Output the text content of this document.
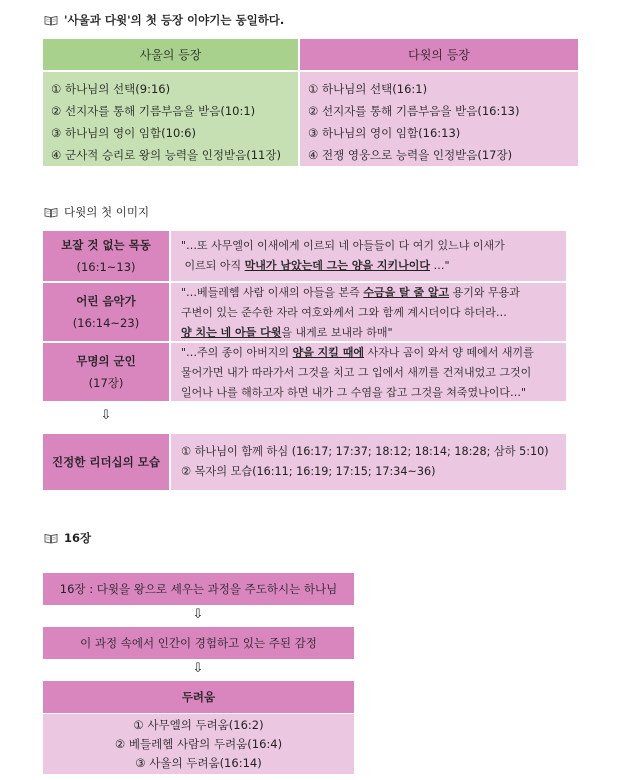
'사울과 다윗'의 첫 등장 이야기는 동일하다.
사울의 등장	다윗의 등장
① 하나님의 선택(9:16)
② 선지자를 통해 기름부음을 받음(10:1)
③ 하나님의 영이 임함(10:6)
④ 군사적 승리로 왕의 능력을 인정받음(11장)
① 하나님의 선택(16:1)
② 선지자를 통해 기름부음을 받음(16:13)
③ 하나님의 영이 임함(16:13)
④ 전쟁 영웅으로 능력을 인정받음(17장)
다윗의 첫 이미지
보잘 것 없는 목동
(16:1~13)
"…또 사무엘이 이새에게 이르되 네 아들들이 다 여기 있느냐 이새가
이르되 아직 막내가 남았는데 그는 양을 지키나이다 …"
어린 음악가
(16:14~23)
"…베들레헴 사람 이새의 아들을 본즉 수금을 탈 줄 알고 용기와 무용과
구변이 있는 준수한 자라 여호와께서 그와 함께 계시더이다 하더라…
양 치는 네 아들 다윗을 내게로 보내라 하매"
무명의 군인
(17장)
"…주의 종이 아버지의 양을 지킬 때에 사자나 곰이 와서 양 떼에서 새끼를
물어가면 내가 따라가서 그것을 치고 그 입에서 새끼를 건져내었고 그것이
일어나 나를 해하고자 하면 내가 그 수염을 잡고 그것을 쳐죽였나이다…"
⇩
진정한 리더십의 모습
① 하나님이 함께 하심 (16:17; 17:37; 18:12; 18:14; 18:28; 삼하 5:10)
② 목자의 모습(16:11; 16:19; 17:15; 17:34~36)
16장
16장 : 다윗을 왕으로 세우는 과정을 주도하시는 하나님
⇩
이 과정 속에서 인간이 경험하고 있는 주된 감정
⇩
두려움
① 사무엘의 두려움(16:2)
② 베들레헴 사람의 두려움(16:4)
③ 사울의 두려움(16:14)
